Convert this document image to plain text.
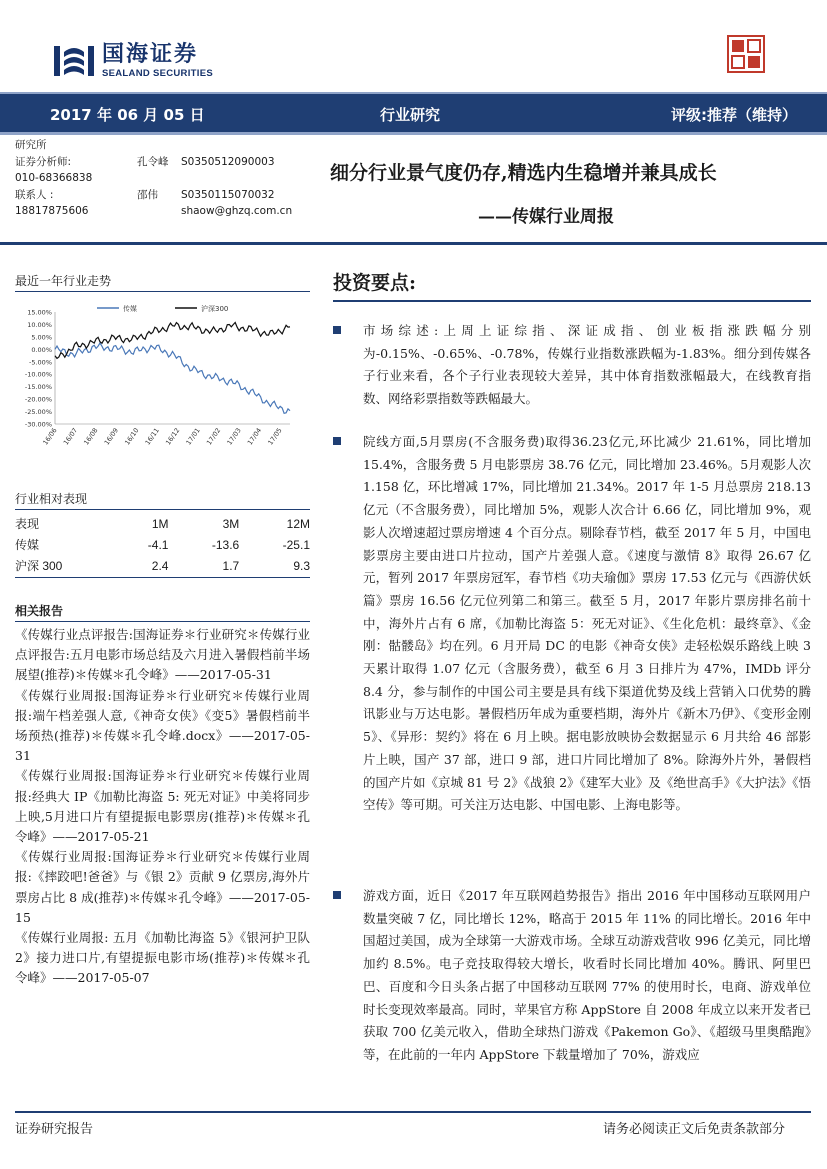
国海证券
SEALAND SECURITIES
2017 年 06 月 05 日	行业研究	评级:推荐（维持）
研究所
证券分析师:	孔令峰	S0350512090003
010-68366838
联系人 :	邵伟	S0350115070032
18817875606	shaow@ghzq.com.cn
细分行业景气度仍存,精选内生稳增并兼具成长
——传媒行业周报
最近一年行业走势
传媒	沪深300
15.00%
10.00%
5.00%
0.00%
-5.00%
-10.00%
-15.00%
-20.00%
-25.00%
-30.00%
16/06 16/07 16/08 16/09 16/10 16/11 16/12 17/01 17/02 17/03 17/04 17/05
行业相对表现
表现	1M	3M	12M
传媒	-4.1	-13.6	-25.1
沪深 300	2.4	1.7	9.3
相关报告

《传媒行业点评报告:国海证券＊行业研究＊传媒行业点评报告:五月电影市场总结及六月进入暑假档前半场展望(推荐)＊传媒＊孔令峰》——2017-05-31

《传媒行业周报:国海证券＊行业研究＊传媒行业周报:端午档差强人意,《神奇女侠》《变5》暑假档前半场预热(推荐)＊传媒＊孔令峰.docx》——2017-05-31

《传媒行业周报:国海证券＊行业研究＊传媒行业周报:经典大 IP《加勒比海盗 5: 死无对证》中美将同步上映,5月进口片有望提振电影票房(推荐)＊传媒＊孔令峰》——2017-05-21

《传媒行业周报:国海证券＊行业研究＊传媒行业周报:《摔跤吧!爸爸》与《银 2》贡献 9 亿票房,海外片票房占比 8 成(推荐)＊传媒＊孔令峰》——2017-05-15

《传媒行业周报: 五月《加勒比海盗 5》《银河护卫队 2》接力进口片,有望提振电影市场(推荐)＊传媒＊孔令峰》——2017-05-07

投资要点:
市场综述:上周上证综指、深证成指、创业板指涨跌幅分别为-0.15%、-0.65%、-0.78%，传媒行业指数涨跌幅为-1.83%。细分到传媒各子行业来看，各个子行业表现较大差异，其中体育指数涨幅最大，在线教育指数、网络彩票指数等跌幅最大。
院线方面,5月票房(不含服务费)取得36.23亿元,环比减少 21.61%，同比增加 15.4%，含服务费 5 月电影票房 38.76 亿元，同比增加 23.46%。5月观影人次 1.158 亿，环比增减 17%，同比增加 21.34%。2017 年 1-5 月总票房 218.13 亿元（不含服务费），同比增加 5%，观影人次合计 6.66 亿，同比增加 9%，观影人次增速超过票房增速 4 个百分点。剔除春节档，截至 2017 年 5 月，中国电影票房主要由进口片拉动，国产片差强人意。《速度与激情 8》取得 26.67 亿元，暂列 2017 年票房冠军，春节档《功夫瑜伽》票房 17.53 亿元与《西游伏妖篇》票房 16.56 亿元位列第二和第三。截至 5 月，2017 年影片票房排名前十中，海外片占有 6 席，《加勒比海盗 5：死无对证》、《生化危机：最终章》、《金刚：骷髅岛》均在列。6 月开局 DC 的电影《神奇女侠》走轻松娱乐路线上映 3 天累计取得 1.07 亿元（含服务费），截至 6 月 3 日排片为 47%，IMDb 评分 8.4 分，参与制作的中国公司主要是具有线下渠道优势及线上营销入口优势的腾讯影业与万达电影。暑假档历年成为重要档期，海外片《新木乃伊》、《变形金刚 5》、《异形：契约》将在 6 月上映。据电影放映协会数据显示 6 月共给 46 部影片上映，国产 37 部，进口 9 部，进口片同比增加了 8%。除海外片外，暑假档的国产片如《京城 81 号 2》《战狼 2》《建军大业》及《绝世高手》《大护法》《悟空传》等可期。可关注万达电影、中国电影、上海电影等。
游戏方面，近日《2017 年互联网趋势报告》指出 2016 年中国移动互联网用户数量突破 7 亿，同比增长 12%，略高于 2015 年 11% 的同比增长。2016 年中国超过美国，成为全球第一大游戏市场。全球互动游戏营收 996 亿美元，同比增加约 8.5%。电子竞技取得较大增长，收看时长同比增加 40%。腾讯、阿里巴巴、百度和今日头条占据了中国移动互联网 77% 的使用时长，电商、游戏单位时长变现效率最高。同时，苹果官方称 AppStore 自 2008 年成立以来开发者已获取 700 亿美元收入，借助全球热门游戏《Pakemon Go》、《超级马里奥酷跑》等，在此前的一年内 AppStore 下载量增加了 70%，游戏应
证券研究报告	请务必阅读正文后免责条款部分
